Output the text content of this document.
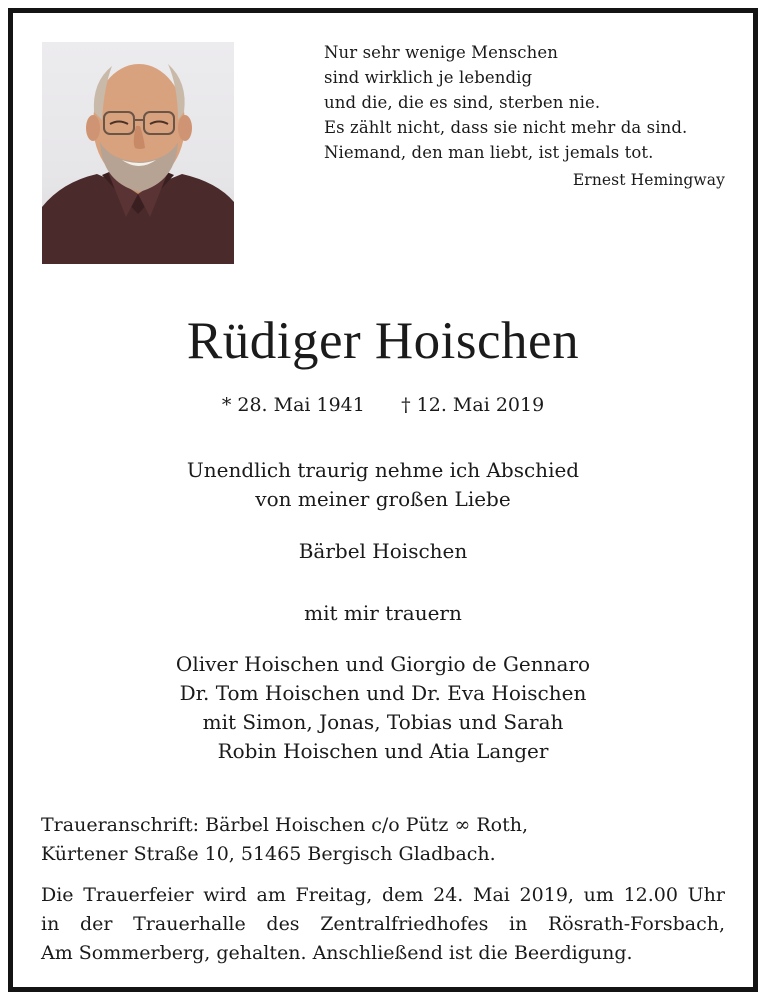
Nur sehr wenige Menschen
sind wirklich je lebendig
und die, die es sind, sterben nie.
Es zählt nicht, dass sie nicht mehr da sind.
Niemand, den man liebt, ist jemals tot.
Ernest Hemingway
Rüdiger Hoischen
* 28. Mai 1941 † 12. Mai 2019
Unendlich traurig nehme ich Abschied
von meiner großen Liebe
Bärbel Hoischen
mit mir trauern
Oliver Hoischen und Giorgio de Gennaro
Dr. Tom Hoischen und Dr. Eva Hoischen
mit Simon, Jonas, Tobias und Sarah
Robin Hoischen und Atia Langer
Traueranschrift: Bärbel Hoischen c/o Pütz ∞ Roth,
Kürtener Straße 10, 51465 Bergisch Gladbach.
Die Trauerfeier wird am Freitag, dem 24. Mai 2019, um 12.00 Uhr
in der Trauerhalle des Zentralfriedhofes in Rösrath-Forsbach,
Am Sommerberg, gehalten. Anschließend ist die Beerdigung.
